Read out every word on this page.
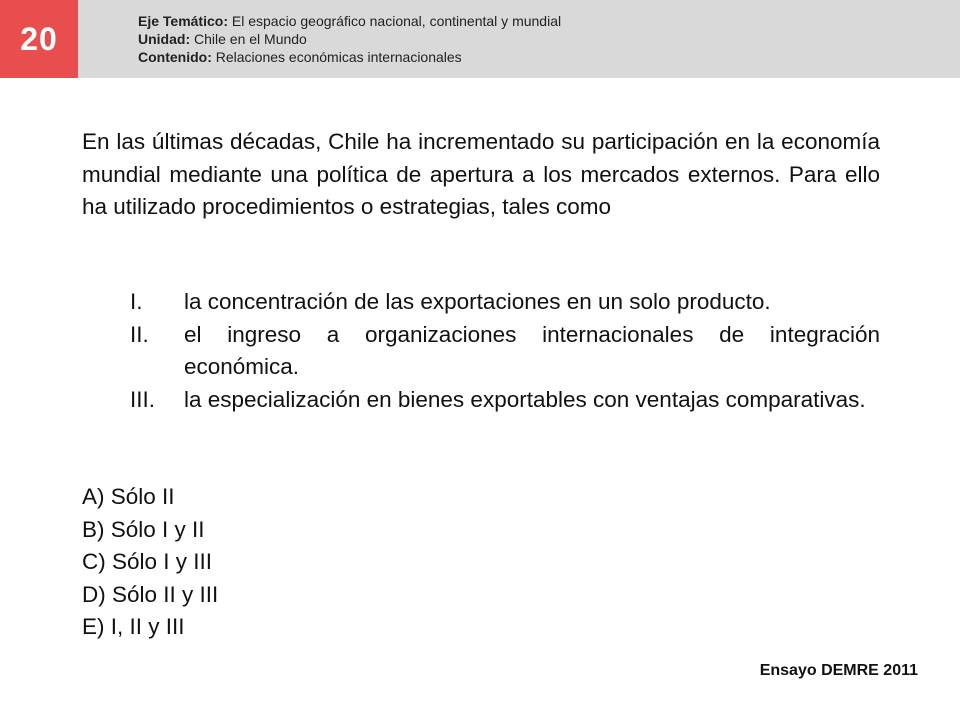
20	Eje Temático: El espacio geográfico nacional, continental y mundial
Unidad: Chile en el Mundo
Contenido: Relaciones económicas internacionales
En las últimas décadas, Chile ha incrementado su participación en la economía mundial mediante una política de apertura a los mercados externos. Para ello ha utilizado procedimientos o estrategias, tales como
I. la concentración de las exportaciones en un solo producto.
II. el ingreso a organizaciones internacionales de integración económica.
III. la especialización en bienes exportables con ventajas comparativas.
A) Sólo II
B) Sólo I y II
C) Sólo I y III
D) Sólo II y III
E) I, II y III
Ensayo DEMRE 2011
